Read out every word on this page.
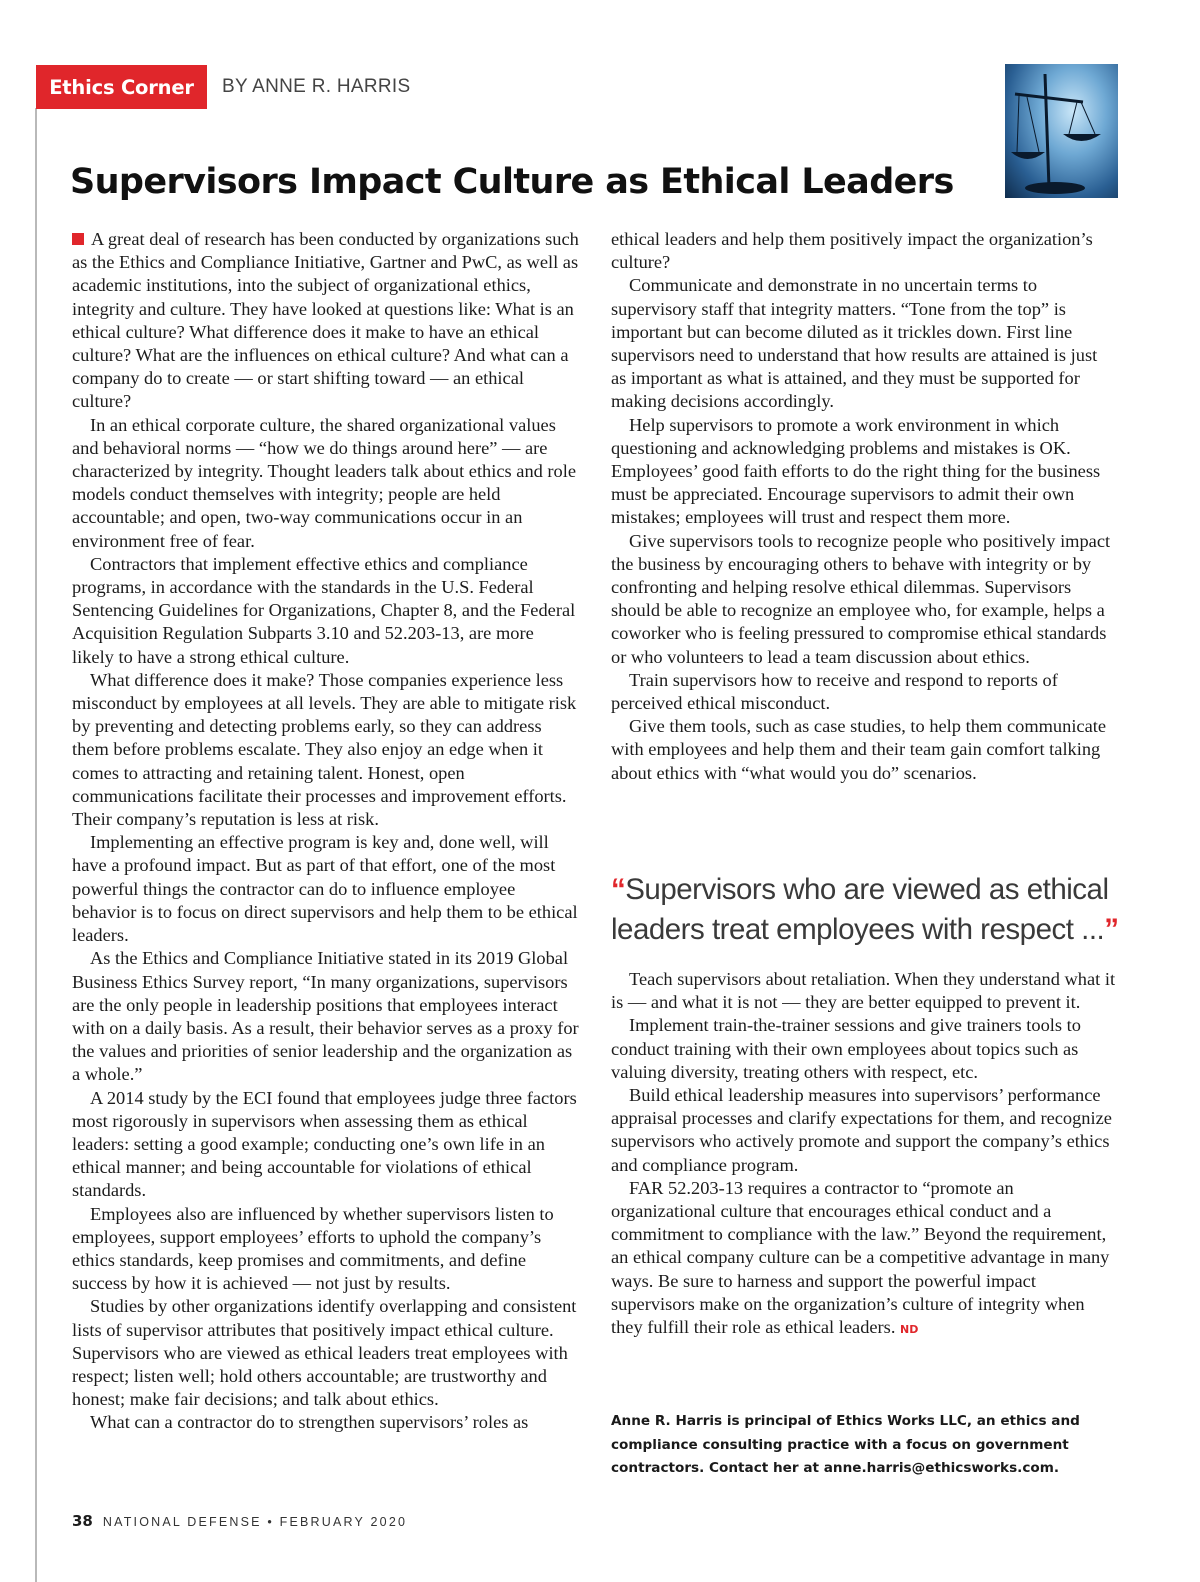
Ethics Corner	BY ANNE R. HARRIS
Supervisors Impact Culture as Ethical Leaders

A great deal of research has been conducted by organizations such as the Ethics and Compliance Initiative, Gartner and PwC, as well as academic institutions, into the subject of organizational ethics, integrity and culture. They have looked at questions like: What is an ethical culture? What difference does it make to have an ethical culture? What are the influences on ethical culture? And what can a company do to create — or start shifting toward — an ethical culture?

In an ethical corporate culture, the shared organizational values and behavioral norms — “how we do things around here” — are characterized by integrity. Thought leaders talk about ethics and role models conduct themselves with integrity; people are held accountable; and open, two-way communications occur in an environment free of fear.

Contractors that implement effective ethics and compliance programs, in accordance with the standards in the U.S. Federal Sentencing Guidelines for Organizations, Chapter 8, and the Federal Acquisition Regulation Subparts 3.10 and 52.203-13, are more likely to have a strong ethical culture.

What difference does it make? Those companies experience less misconduct by employees at all levels. They are able to mitigate risk by preventing and detecting problems early, so they can address them before problems escalate. They also enjoy an edge when it comes to attracting and retaining talent. Honest, open communications facilitate their processes and improvement efforts. Their company’s reputation is less at risk.

Implementing an effective program is key and, done well, will have a profound impact. But as part of that effort, one of the most powerful things the contractor can do to influence employee behavior is to focus on direct supervisors and help them to be ethical leaders.

As the Ethics and Compliance Initiative stated in its 2019 Global Business Ethics Survey report, “In many organizations, supervisors are the only people in leadership positions that employees interact with on a daily basis. As a result, their behavior serves as a proxy for the values and priorities of senior leadership and the organization as a whole.”

A 2014 study by the ECI found that employees judge three factors most rigorously in supervisors when assessing them as ethical leaders: setting a good example; conducting one’s own life in an ethical manner; and being accountable for violations of ethical standards.

Employees also are influenced by whether supervisors listen to employees, support employees’ efforts to uphold the company’s ethics standards, keep promises and commitments, and define success by how it is achieved — not just by results.

Studies by other organizations identify overlapping and consistent lists of supervisor attributes that positively impact ethical culture. Supervisors who are viewed as ethical leaders treat employees with respect; listen well; hold others accountable; are trustworthy and honest; make fair decisions; and talk about ethics.

What can a contractor do to strengthen supervisors’ roles as

ethical leaders and help them positively impact the organization’s culture?

Communicate and demonstrate in no uncertain terms to supervisory staff that integrity matters. “Tone from the top” is important but can become diluted as it trickles down. First line supervisors need to understand that how results are attained is just as important as what is attained, and they must be supported for making decisions accordingly.

Help supervisors to promote a work environment in which questioning and acknowledging problems and mistakes is OK. Employees’ good faith efforts to do the right thing for the business must be appreciated. Encourage supervisors to admit their own mistakes; employees will trust and respect them more.

Give supervisors tools to recognize people who positively impact the business by encouraging others to behave with integrity or by confronting and helping resolve ethical dilemmas. Supervisors should be able to recognize an employee who, for example, helps a coworker who is feeling pressured to compromise ethical standards or who volunteers to lead a team discussion about ethics.

Train supervisors how to receive and respond to reports of perceived ethical misconduct.

Give them tools, such as case studies, to help them communicate with employees and help them and their team gain comfort talking about ethics with “what would you do” scenarios.

“Supervisors who are viewed as ethical leaders treat employees with respect ...”

Teach supervisors about retaliation. When they understand what it is — and what it is not — they are better equipped to prevent it.

Implement train-the-trainer sessions and give trainers tools to conduct training with their own employees about topics such as valuing diversity, treating others with respect, etc.

Build ethical leadership measures into supervisors’ performance appraisal processes and clarify expectations for them, and recognize supervisors who actively promote and support the company’s ethics and compliance program.

FAR 52.203-13 requires a contractor to “promote an organizational culture that encourages ethical conduct and a commitment to compliance with the law.” Beyond the requirement, an ethical company culture can be a competitive advantage in many ways. Be sure to harness and support the powerful impact supervisors make on the organization’s culture of integrity when they fulfill their role as ethical leaders. ND

Anne R. Harris is principal of Ethics Works LLC, an ethics and compliance consulting practice with a focus on government contractors. Contact her at anne.harris@ethicsworks.com.

38 NATIONAL DEFENSE • FEBRUARY 2020
